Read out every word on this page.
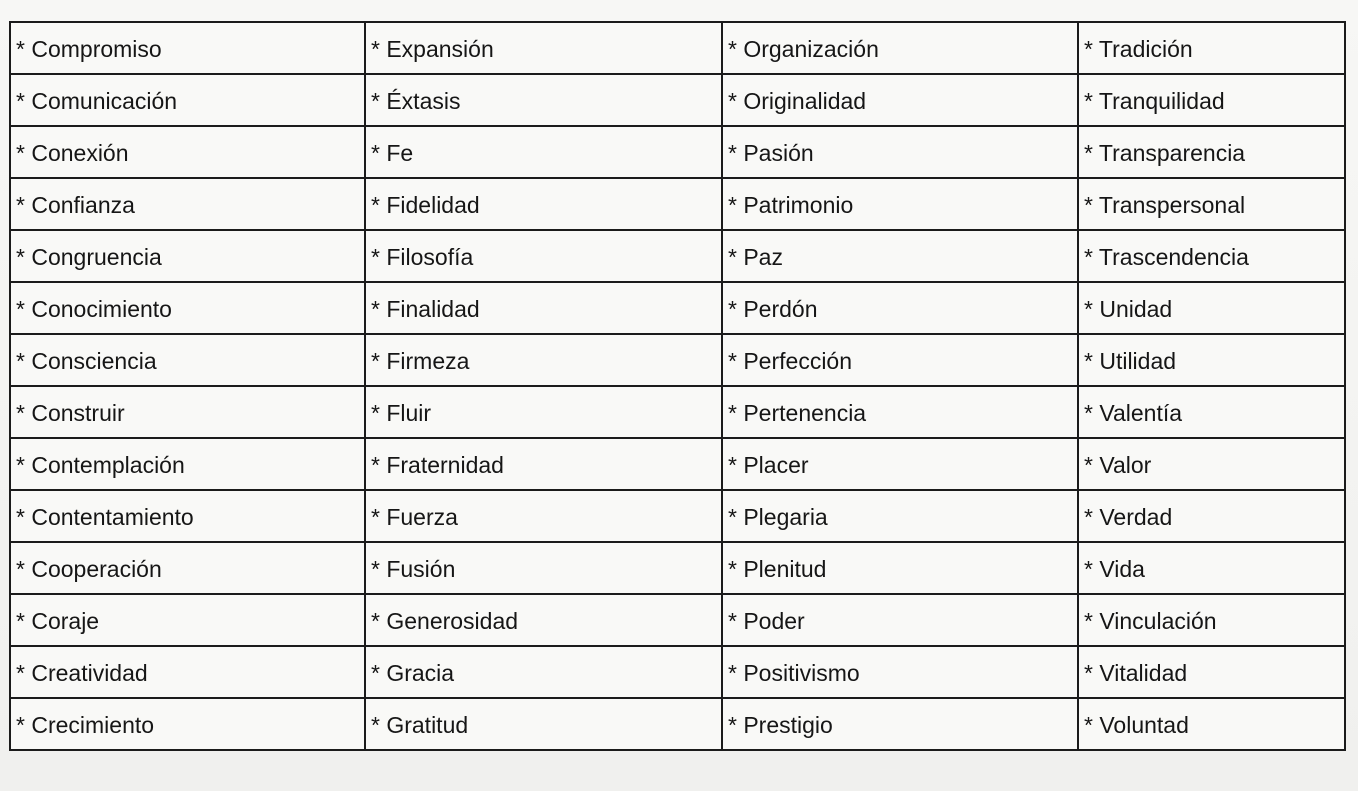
* Compromiso	* Expansión	* Organización	* Tradición
* Comunicación	* Éxtasis	* Originalidad	* Tranquilidad
* Conexión	* Fe	* Pasión	* Transparencia
* Confianza	* Fidelidad	* Patrimonio	* Transpersonal
* Congruencia	* Filosofía	* Paz	* Trascendencia
* Conocimiento	* Finalidad	* Perdón	* Unidad
* Consciencia	* Firmeza	* Perfección	* Utilidad
* Construir	* Fluir	* Pertenencia	* Valentía
* Contemplación	* Fraternidad	* Placer	* Valor
* Contentamiento	* Fuerza	* Plegaria	* Verdad
* Cooperación	* Fusión	* Plenitud	* Vida
* Coraje	* Generosidad	* Poder	* Vinculación
* Creatividad	* Gracia	* Positivismo	* Vitalidad
* Crecimiento	* Gratitud	* Prestigio	* Voluntad
